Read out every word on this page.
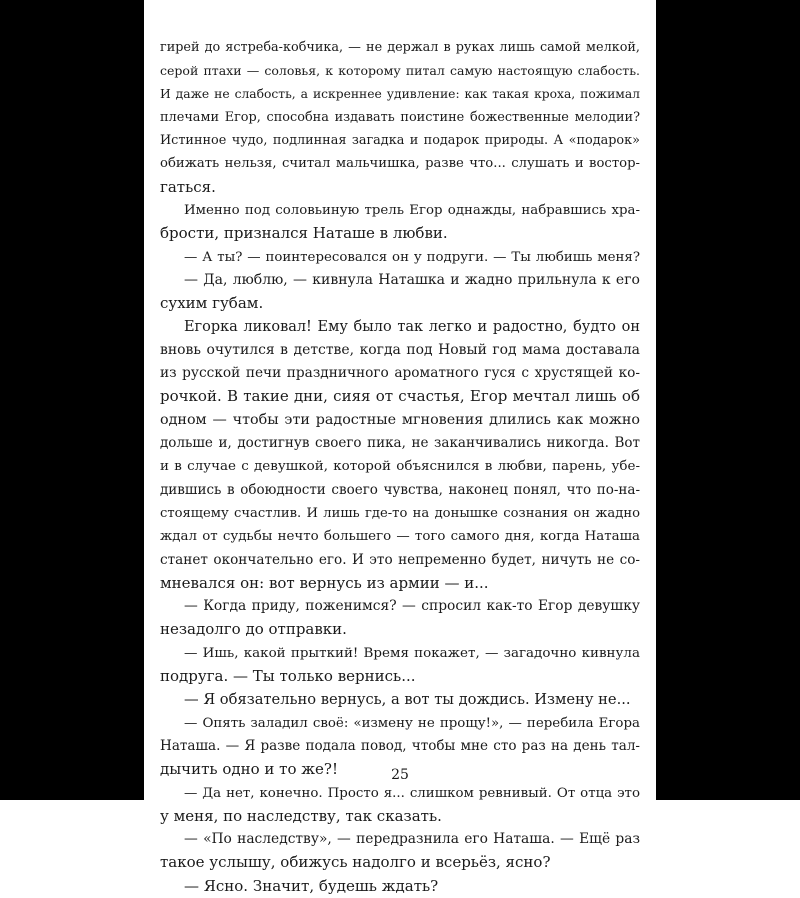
гирей до ястреба-кобчика, — не держал в руках лишь самой мелкой,
серой птахи — соловья, к которому питал самую настоящую слабость.
И даже не слабость, а искреннее удивление: как такая кроха, пожимал
плечами Егор, способна издавать поистине божественные мелодии?
Истинное чудо, подлинная загадка и подарок природы. А «подарок»
обижать нельзя, считал мальчишка, разве что... слушать и востор-
гаться.
Именно под соловьиную трель Егор однажды, набравшись хра-
брости, признался Наташе в любви.
— А ты? — поинтересовался он у подруги. — Ты любишь меня?
— Да, люблю, — кивнула Наташка и жадно прильнула к его
сухим губам.
Егорка ликовал! Ему было так легко и радостно, будто он
вновь очутился в детстве, когда под Новый год мама доставала
из русской печи праздничного ароматного гуся с хрустящей ко-
рочкой. В такие дни, сияя от счастья, Егор мечтал лишь об
одном — чтобы эти радостные мгновения длились как можно
дольше и, достигнув своего пика, не заканчивались никогда. Вот
и в случае с девушкой, которой объяснился в любви, парень, убе-
дившись в обоюдности своего чувства, наконец понял, что по-на-
стоящему счастлив. И лишь где-то на донышке сознания он жадно
ждал от судьбы нечто большего — того самого дня, когда Наташа
станет окончательно его. И это непременно будет, ничуть не со-
мневался он: вот вернусь из армии — и...
— Когда приду, поженимся? — спросил как-то Егор девушку
незадолго до отправки.
— Ишь, какой прыткий! Время покажет, — загадочно кивнула
подруга. — Ты только вернись...
— Я обязательно вернусь, а вот ты дождись. Измену не...
— Опять заладил своё: «измену не прощу!», — перебила Егора
Наташа. — Я разве подала повод, чтобы мне сто раз на день тал-
дычить одно и то же?!
— Да нет, конечно. Просто я... слишком ревнивый. От отца это
у меня, по наследству, так сказать.
— «По наследству», — передразнила его Наташа. — Ещё раз
такое услышу, обижусь надолго и всерьёз, ясно?
— Ясно. Значит, будешь ждать?
25
